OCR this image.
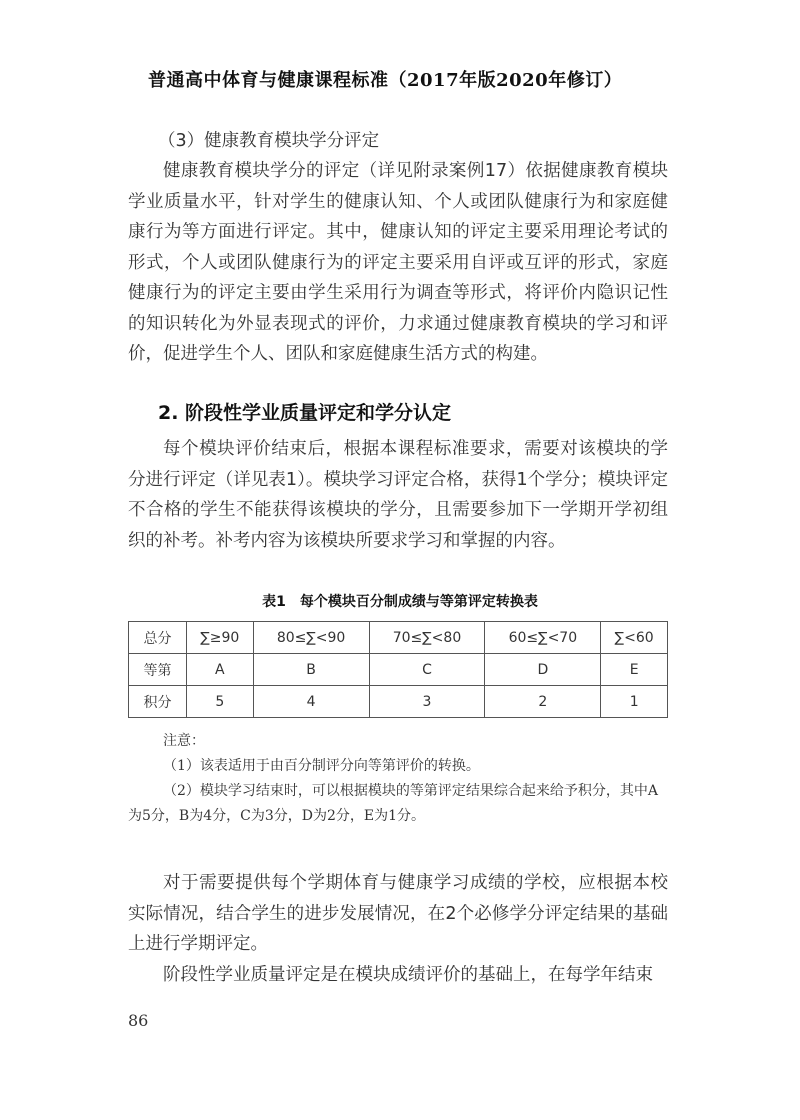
普通高中体育与健康课程标准（2017年版2020年修订）
（3）健康教育模块学分评定
健康教育模块学分的评定（详见附录案例17）依据健康教育模块学业质量水平，针对学生的健康认知、个人或团队健康行为和家庭健康行为等方面进行评定。其中，健康认知的评定主要采用理论考试的形式，个人或团队健康行为的评定主要采用自评或互评的形式，家庭健康行为的评定主要由学生采用行为调查等形式，将评价内隐识记性的知识转化为外显表现式的评价，力求通过健康教育模块的学习和评价，促进学生个人、团队和家庭健康生活方式的构建。
2. 阶段性学业质量评定和学分认定
每个模块评价结束后，根据本课程标准要求，需要对该模块的学分进行评定（详见表1）。模块学习评定合格，获得1个学分；模块评定不合格的学生不能获得该模块的学分，且需要参加下一学期开学初组织的补考。补考内容为该模块所要求学习和掌握的内容。
表1　每个模块百分制成绩与等第评定转换表
总分	∑≥90	80≤∑<90	70≤∑<80	60≤∑<70	∑<60
等第	A	B	C	D	E
积分	5	4	3	2	1

注意：

（1）该表适用于由百分制评分向等第评价的转换。

（2）模块学习结束时，可以根据模块的等第评定结果综合起来给予积分，其中A为5分，B为4分，C为3分，D为2分，E为1分。

对于需要提供每个学期体育与健康学习成绩的学校，应根据本校实际情况，结合学生的进步发展情况，在2个必修学分评定结果的基础上进行学期评定。
阶段性学业质量评定是在模块成绩评价的基础上，在每学年结束
86
